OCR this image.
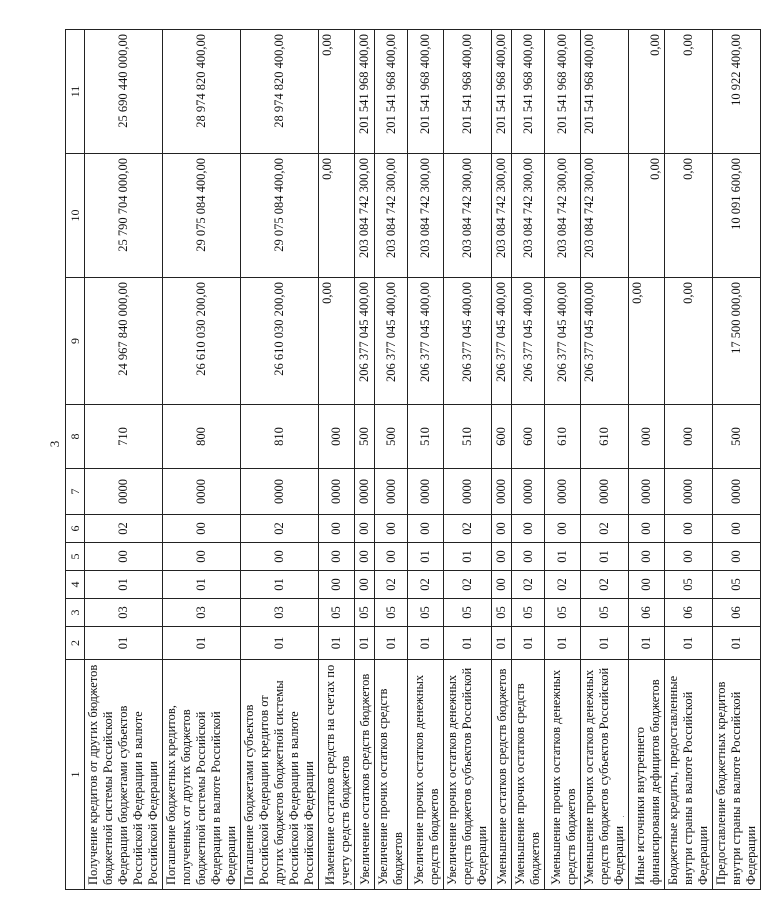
3
1	2	3	4	5	6	7	8	9	10	11
Получение кредитов от других бюджетов бюджетной системы Российской Федерации бюджетами субъектов Российской Федерации в валюте Российской Федерации	01	03	01	00	02	0000	710	24 967 840 000,00	25 790 704 000,00	25 690 440 000,00
Погашение бюджетных кредитов, полученных от других бюджетов бюджетной системы Российской Федерации в валюте Российской Федерации	01	03	01	00	00	0000	800	26 610 030 200,00	29 075 084 400,00	28 974 820 400,00
Погашение бюджетами субъектов Российской Федерации кредитов от других бюджетов бюджетной системы Российской Федерации в валюте Российской Федерации	01	03	01	00	02	0000	810	26 610 030 200,00	29 075 084 400,00	28 974 820 400,00
Изменение остатков средств на счетах по учету средств бюджетов	01	05	00	00	00	0000	000	0,00	0,00	0,00
Увеличение остатков средств бюджетов	01	05	00	00	00	0000	500	206 377 045 400,00	203 084 742 300,00	201 541 968 400,00
Увеличение прочих остатков средств бюджетов	01	05	02	00	00	0000	500	206 377 045 400,00	203 084 742 300,00	201 541 968 400,00
Увеличение прочих остатков денежных средств бюджетов	01	05	02	01	00	0000	510	206 377 045 400,00	203 084 742 300,00	201 541 968 400,00
Увеличение прочих остатков денежных средств бюджетов субъектов Российской Федерации	01	05	02	01	02	0000	510	206 377 045 400,00	203 084 742 300,00	201 541 968 400,00
Уменьшение остатков средств бюджетов	01	05	00	00	00	0000	600	206 377 045 400,00	203 084 742 300,00	201 541 968 400,00
Уменьшение прочих остатков средств бюджетов	01	05	02	00	00	0000	600	206 377 045 400,00	203 084 742 300,00	201 541 968 400,00
Уменьшение прочих остатков денежных средств бюджетов	01	05	02	01	00	0000	610	206 377 045 400,00	203 084 742 300,00	201 541 968 400,00
Уменьшение прочих остатков денежных средств бюджетов субъектов Российской Федерации	01	05	02	01	02	0000	610	206 377 045 400,00	203 084 742 300,00	201 541 968 400,00
Иные источники внутреннего финансирования дефицитов бюджетов	01	06	00	00	00	0000	000	0,00	0,00	0,00
Бюджетные кредиты, предоставленные внутри страны в валюте Российской Федерации	01	06	05	00	00	0000	000	0,00	0,00	0,00
Предоставление бюджетных кредитов внутри страны в валюте Российской Федерации	01	06	05	00	00	0000	500	17 500 000,00	10 091 600,00	10 922 400,00
·
